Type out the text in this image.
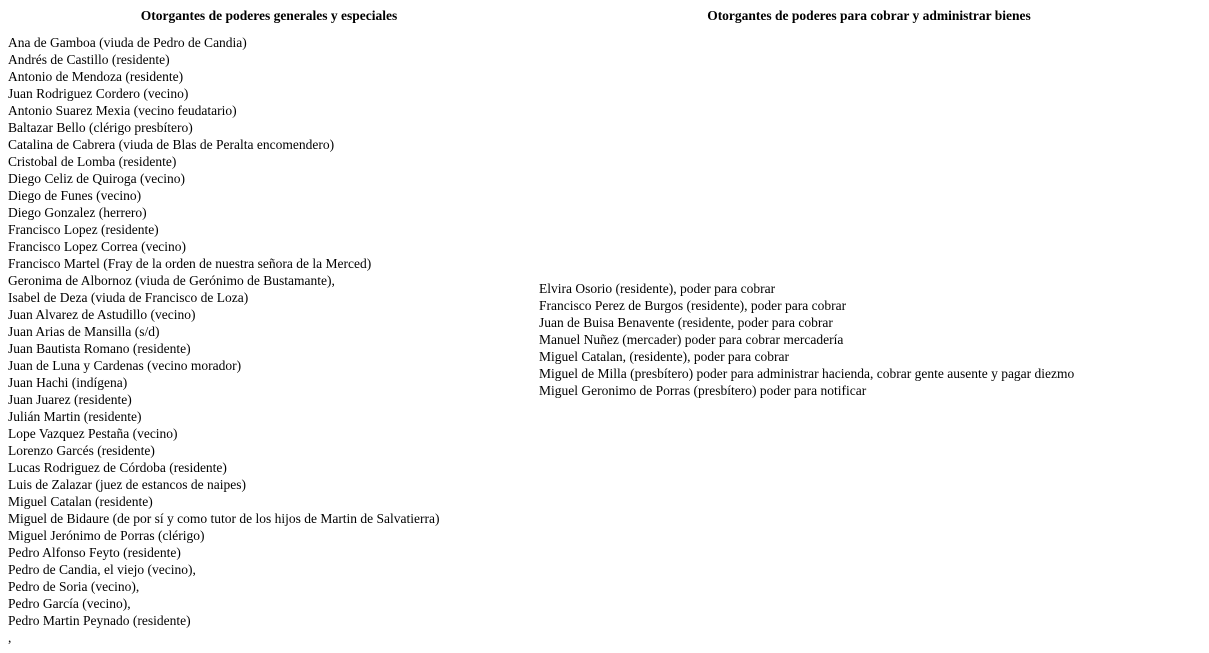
Otorgantes de poderes generales y especiales	Otorgantes de poderes para cobrar y administrar bienes
Ana de Gamboa (viuda de Pedro de Candia)
Andrés de Castillo (residente)
Antonio de Mendoza (residente)
Juan Rodriguez Cordero (vecino)
Antonio Suarez Mexia (vecino feudatario)
Baltazar Bello (clérigo presbítero)
Catalina de Cabrera (viuda de Blas de Peralta encomendero)
Cristobal de Lomba (residente)
Diego Celiz de Quiroga (vecino)
Diego de Funes (vecino)
Diego Gonzalez (herrero)
Francisco Lopez (residente)
Francisco Lopez Correa (vecino)
Francisco Martel (Fray de la orden de nuestra señora de la Merced)
Geronima de Albornoz (viuda de Gerónimo de Bustamante),
Isabel de Deza (viuda de Francisco de Loza)
Juan Alvarez de Astudillo (vecino)
Juan Arias de Mansilla (s/d)
Juan Bautista Romano (residente)
Juan de Luna y Cardenas (vecino morador)
Juan Hachi (indígena)
Juan Juarez (residente)
Julián Martin (residente)
Lope Vazquez Pestaña (vecino)
Lorenzo Garcés (residente)
Lucas Rodriguez de Córdoba (residente)
Luis de Zalazar (juez de estancos de naipes)
Miguel Catalan (residente)
Miguel de Bidaure (de por sí y como tutor de los hijos de Martin de Salvatierra)
Miguel Jerónimo de Porras (clérigo)
Pedro Alfonso Feyto (residente)
Pedro de Candia, el viejo (vecino),
Pedro de Soria (vecino),
Pedro García (vecino),
Pedro Martin Peynado (residente)
,
Elvira Osorio (residente), poder para cobrar
Francisco Perez de Burgos (residente), poder para cobrar
Juan de Buisa Benavente (residente, poder para cobrar
Manuel Nuñez (mercader) poder para cobrar mercadería
Miguel Catalan, (residente), poder para cobrar
Miguel de Milla (presbítero) poder para administrar hacienda, cobrar gente ausente y pagar diezmo
Miguel Geronimo de Porras (presbítero) poder para notificar
